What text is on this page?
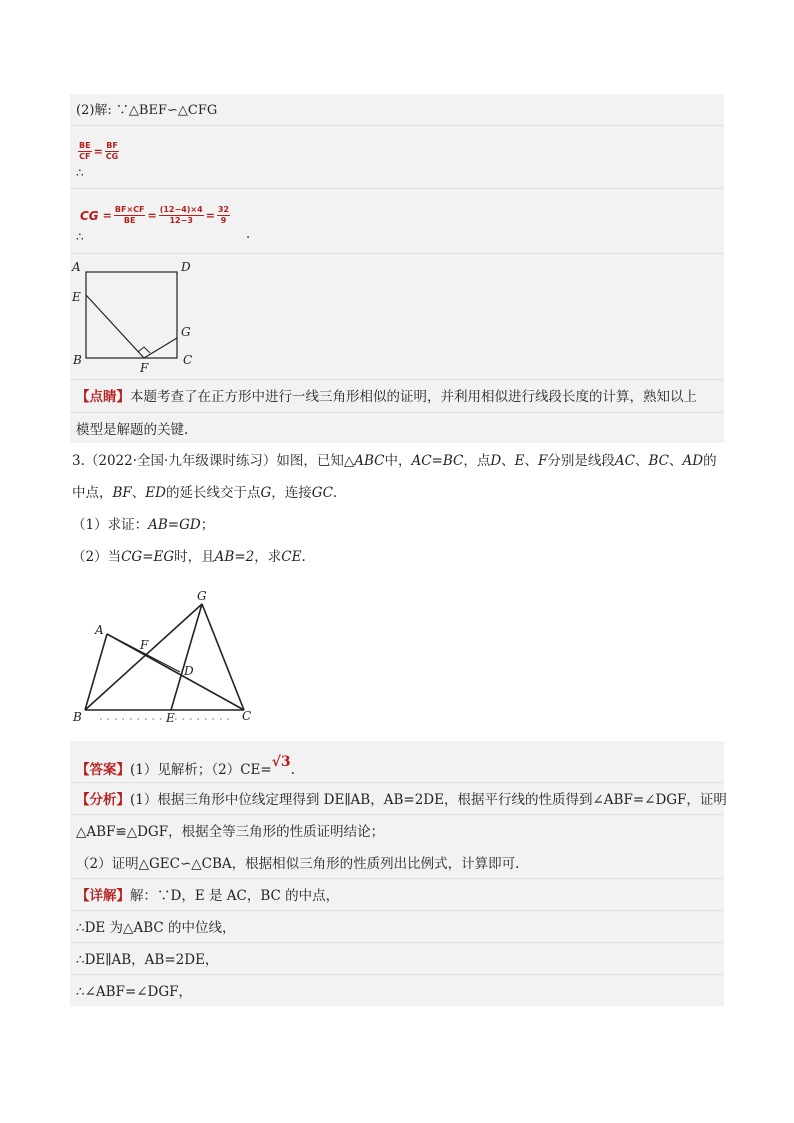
(2)解: ∵△BEF∽△CFG
$\frac{BE}{CF} = \frac{BF}{CG}$
∴
CG = $\frac{BF\times CF}{BE} = \frac{(12-4)\times 4}{12-3} = \frac{32}{9}$
∴	.
A	D
E
G
B
F
C
【点睛】本题考查了在正方形中进行一线三角形相似的证明，并利用相似进行线段长度的计算，熟知以上
模型是解题的关键.
3.（2022·全国·九年级课时练习）如图，已知△ABC中，AC=BC，点D、E、F分别是线段AC、BC、AD的
中点，BF、ED的延长线交于点G，连接GC.
（1）求证：AB=GD；
（2）当CG=EG时，且AB=2，求CE.
G
A
F
D
B	E	C
【答案】(1）见解析；（2）CE=√3.
【分析】(1）根据三角形中位线定理得到 DE∥AB，AB=2DE，根据平行线的性质得到∠ABF=∠DGF，证明
△ABF≌△DGF，根据全等三角形的性质证明结论；
（2）证明△GEC∽△CBA，根据相似三角形的性质列出比例式，计算即可.
【详解】解：∵D，E 是 AC，BC 的中点，
∴DE 为△ABC 的中位线，
∴DE∥AB，AB=2DE，
∴∠ABF=∠DGF，
